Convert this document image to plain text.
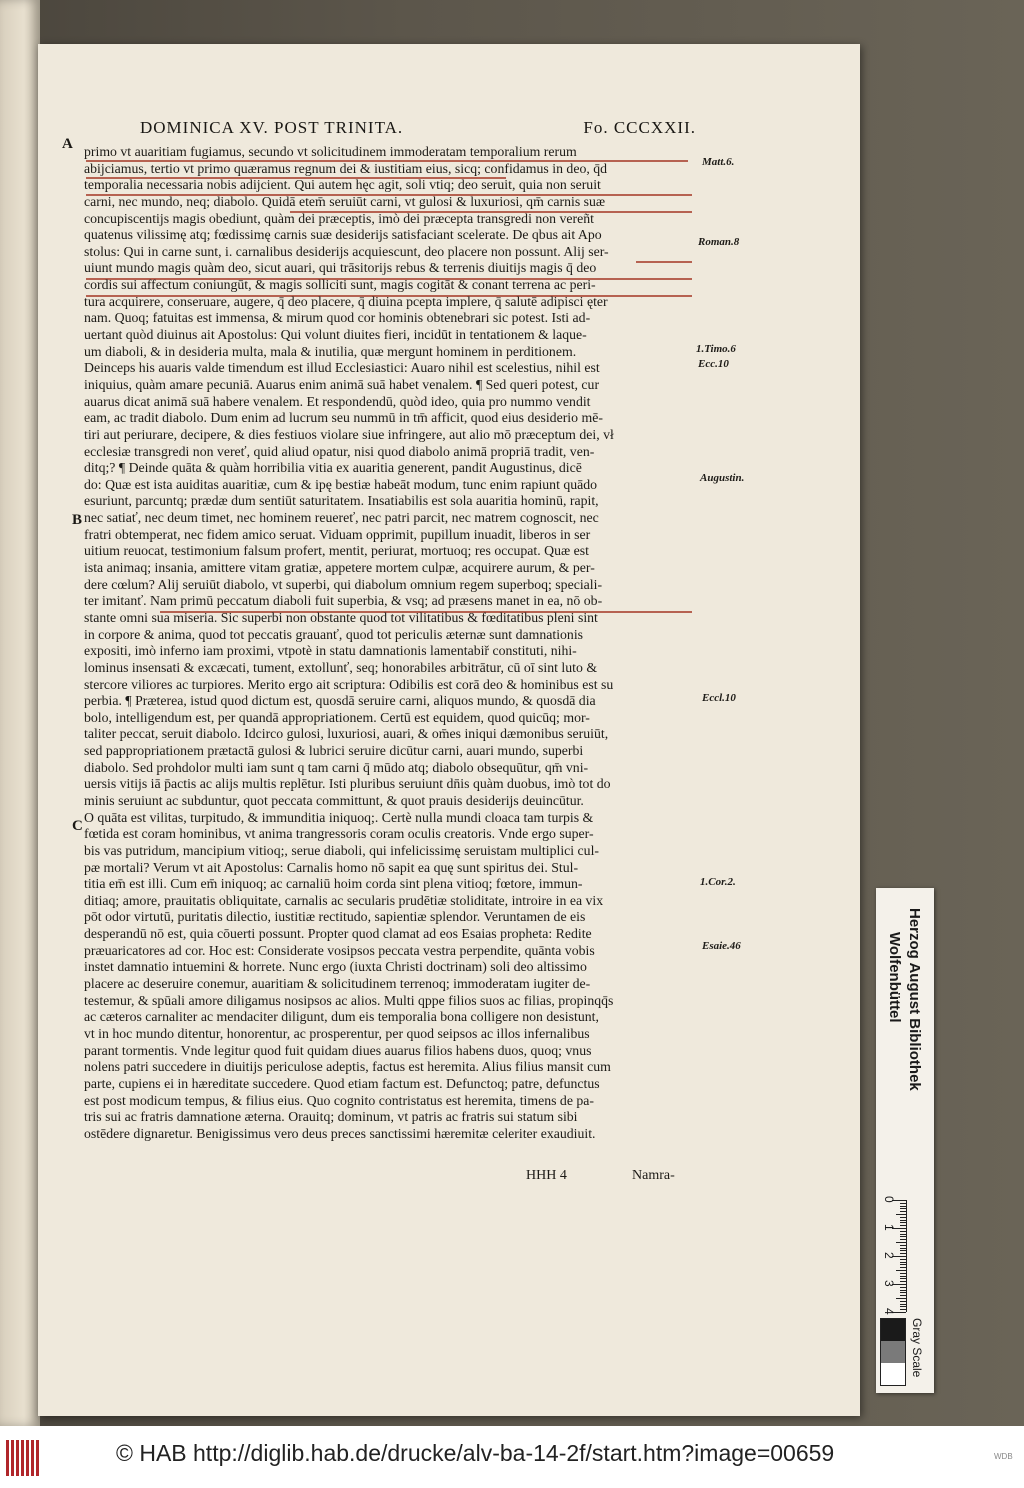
DOMINICA XV. POST TRINITA.	Fo. CCCXXII.
A
B
C
Matt.6.
Roman.8
1.Timo.6
Ecc.10
Augustin.
Eccl.10
1.Cor.2.
Esaie.46
primo vt auaritiam fugiamus, secundo vt solicitudinem immoderatam temporalium rerum
abijciamus, tertio vt primo quæramus regnum dei & iustitiam eius, sicq; confidamus in deo, q̄d
temporalia necessaria nobis adijcient. Qui autem hęc agit, soli vtiq; deo seruit, quia non seruit
carni, nec mundo, neq; diabolo. Quidā etem̄ seruiūt carni, vt gulosi & luxuriosi, qm̄ carnis suæ
concupiscentijs magis obediunt, quàm dei præceptis, imò dei præcepta transgredi non vereñt
quatenus vilissimę atq; fœdissimę carnis suæ desiderijs satisfaciant scelerate. De qbus ait Apo
stolus: Qui in carne sunt, i. carnalibus desiderijs acquiescunt, deo placere non possunt. Alij ser-
uiunt mundo magis quàm deo, sicut auari, qui trāsitorijs rebus & terrenis diuitijs magis q̄ deo
cordis sui affectum coniungūt, & magis solliciti sunt, magis cogitāt & conant terrena ac peri-
tura acquirere, conseruare, augere, q̄ deo placere, q̄ diuina pcepta implere, q̄ salutē adipisci ęter
nam. Quoq; fatuitas est immensa, & mirum quod cor hominis obtenebrari sic potest. Isti ad-
uertant quòd diuinus ait Apostolus: Qui volunt diuites fieri, incidūt in tentationem & laque-
um diaboli, & in desideria multa, mala & inutilia, quæ mergunt hominem in perditionem.
Deinceps his auaris valde timendum est illud Ecclesiastici: Auaro nihil est scelestius, nihil est
iniquius, quàm amare pecuniā. Auarus enim animā suā habet venalem. ¶ Sed queri potest, cur
auarus dicat animā suā habere venalem. Et respondendū, quòd ideo, quia pro nummo vendit
eam, ac tradit diabolo. Dum enim ad lucrum seu nummū in tm̄ afficit, quod eius desiderio mē-
tiri aut periurare, decipere, & dies festiuos violare siue infringere, aut alio mō præceptum dei, vł
ecclesiæ transgredi non vereť, quid aliud opatur, nisi quod diabolo animā propriā tradit, ven-
ditq;? ¶ Deinde quāta & quàm horribilia vitia ex auaritia generent, pandit Augustinus, dicē
do: Quæ est ista auiditas auaritiæ, cum & ipę bestiæ habeāt modum, tunc enim rapiunt quādo
esuriunt, parcuntq; prædæ dum sentiūt saturitatem. Insatiabilis est sola auaritia hominū, rapit,
nec satiať, nec deum timet, nec hominem reuereť, nec patri parcit, nec matrem cognoscit, nec
fratri obtemperat, nec fidem amico seruat. Viduam opprimit, pupillum inuadit, liberos in ser
uitium reuocat, testimonium falsum profert, mentit, periurat, mortuoq; res occupat. Quæ est
ista animaq; insania, amittere vitam gratiæ, appetere mortem culpæ, acquirere aurum, & per-
dere cœlum? Alij seruiūt diabolo, vt superbi, qui diabolum omnium regem superboq; speciali-
ter imitanť. Nam primū peccatum diaboli fuit superbia, & vsq; ad præsens manet in ea, nō ob-
stante omni sua miseria. Sic superbi non obstante quod tot vilitatibus & fœditatibus pleni sint
in corpore & anima, quod tot peccatis grauanť, quod tot periculis æternæ sunt damnationis
expositi, imò inferno iam proximi, vtpotè in statu damnationis lamentabiř constituti, nihi-
lominus insensati & excæcati, tument, extollunť, seq; honorabiles arbitrātur, cū oī sint luto &
stercore viliores ac turpiores. Merito ergo ait scriptura: Odibilis est corā deo & hominibus est su
perbia. ¶ Præterea, istud quod dictum est, quosdā seruire carni, aliquos mundo, & quosdā dia
bolo, intelligendum est, per quandā appropriationem. Certū est equidem, quod quicūq; mor-
taliter peccat, seruit diabolo. Idcirco gulosi, luxuriosi, auari, & om̄es iniqui dæmonibus seruiūt,
sed pappropriationem prætactā gulosi & lubrici seruire dicūtur carni, auari mundo, superbi
diabolo. Sed prohdolor multi iam sunt q tam carni q̄ mūdo atq; diabolo obsequūtur, qm̄ vni-
uersis vitijs iā p̄actis ac alijs multis replētur. Isti pluribus seruiunt dn̄is quàm duobus, imò tot do
minis seruiunt ac subduntur, quot peccata committunt, & quot prauis desiderijs deuincūtur.
O quāta est vilitas, turpitudo, & immunditia iniquoq;. Certè nulla mundi cloaca tam turpis &
fœtida est coram hominibus, vt anima trangressoris coram oculis creatoris. Vnde ergo super-
bis vas putridum, mancipium vitioq;, serue diaboli, qui infelicissimę seruistam multiplici cul-
pæ mortali? Verum vt ait Apostolus: Carnalis homo nō sapit ea quę sunt spiritus dei. Stul-
titia em̄ est illi. Cum em̄ iniquoq; ac carnaliū hoim corda sint plena vitioq; fœtore, immun-
ditiaq; amore, prauitatis obliquitate, carnalis ac secularis prudētiæ stoliditate, introire in ea vix
pōt odor virtutū, puritatis dilectio, iustitiæ rectitudo, sapientiæ splendor. Veruntamen de eis
desperandū nō est, quia cōuerti possunt. Propter quod clamat ad eos Esaias propheta: Redite
præuaricatores ad cor. Hoc est: Considerate vosipsos peccata vestra perpendite, quānta vobis
instet damnatio intuemini & horrete. Nunc ergo (iuxta Christi doctrinam) soli deo altissimo
placere ac deseruire conemur, auaritiam & solicitudinem terrenoq; immoderatam iugiter de-
testemur, & spūali amore diligamus nosipsos ac alios. Multi qppe filios suos ac filias, propinqq̄s
ac cæteros carnaliter ac mendaciter diligunt, dum eis temporalia bona colligere non desistunt,
vt in hoc mundo ditentur, honorentur, ac prosperentur, per quod seipsos ac illos infernalibus
parant tormentis. Vnde legitur quod fuit quidam diues auarus filios habens duos, quoq; vnus
nolens patri succedere in diuitijs periculose adeptis, factus est heremita. Alius filius mansit cum
parte, cupiens ei in hæreditate succedere. Quod etiam factum est. Defunctoq; patre, defunctus
est post modicum tempus, & filius eius. Quo cognito contristatus est heremita, timens de pa-
tris sui ac fratris damnatione æterna. Orauitq; dominum, vt patris ac fratris sui statum sibi
ostēdere dignaretur. Benigissimus vero deus preces sanctissimi hæremitæ celeriter exaudiuit.
HHH 4	Namra-
Herzog August Bibliothek
Wolfenbüttel
0
1
2
3
4
Gray Scale
© HAB http://diglib.hab.de/drucke/alv-ba-14-2f/start.htm?image=00659	WDB
